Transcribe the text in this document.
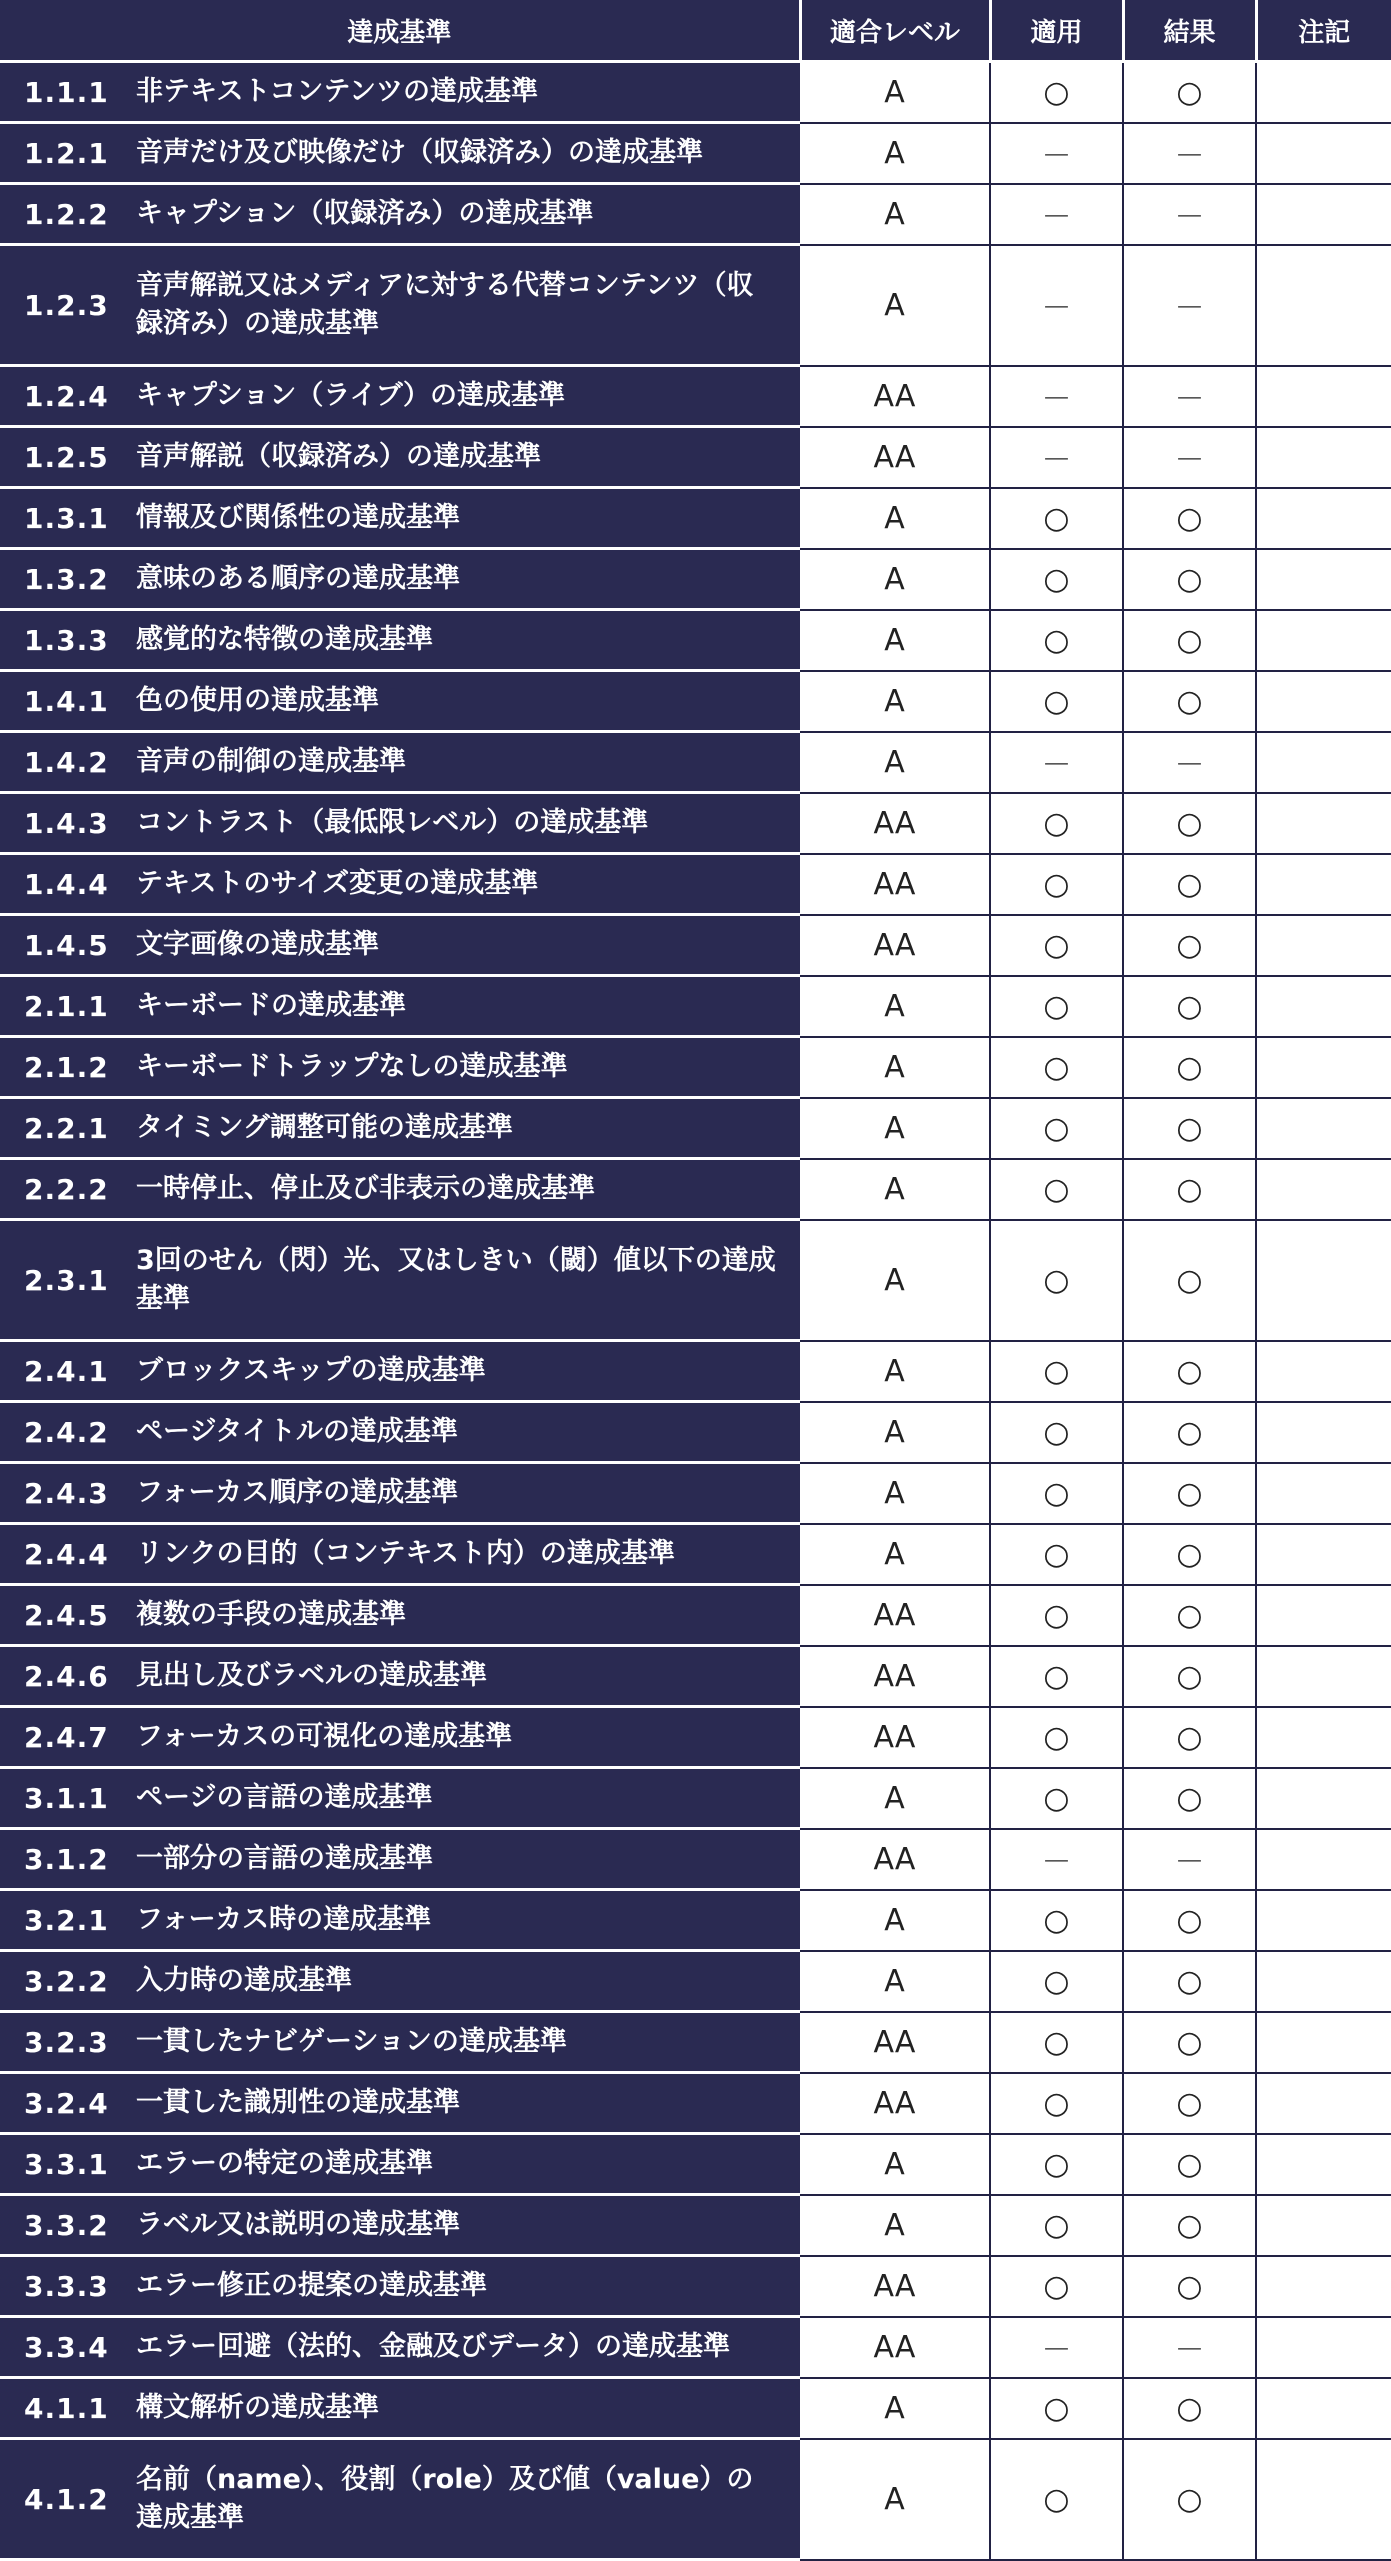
達成基準	適合レベル	適用	結果	注記

1.1.1 非テキストコンテンツの達成基準	A	○	○	

1.2.1 音声だけ及び映像だけ（収録済み）の達成基準	A	－	－	

1.2.2 キャプション（収録済み）の達成基準	A	－	－	

1.2.3
音声解説又はメディアに対する代替コンテンツ（収録済み）の達成基準	A	－	－	

1.2.4 キャプション（ライブ）の達成基準	AA	－	－	

1.2.5 音声解説（収録済み）の達成基準	AA	－	－	

1.3.1 情報及び関係性の達成基準	A	○	○	

1.3.2 意味のある順序の達成基準	A	○	○	

1.3.3 感覚的な特徴の達成基準	A	○	○	

1.4.1 色の使用の達成基準	A	○	○	

1.4.2 音声の制御の達成基準	A	－	－	

1.4.3 コントラスト（最低限レベル）の達成基準	AA	○	○	

1.4.4 テキストのサイズ変更の達成基準	AA	○	○	

1.4.5 文字画像の達成基準	AA	○	○	

2.1.1 キーボードの達成基準	A	○	○	

2.1.2 キーボードトラップなしの達成基準	A	○	○	

2.2.1 タイミング調整可能の達成基準	A	○	○	

2.2.2 一時停止、停止及び非表示の達成基準	A	○	○	

2.3.1
3回のせん（閃）光、又はしきい（閾）値以下の達成基準	A	○	○	

2.4.1 ブロックスキップの達成基準	A	○	○	

2.4.2 ページタイトルの達成基準	A	○	○	

2.4.3 フォーカス順序の達成基準	A	○	○	

2.4.4 リンクの目的（コンテキスト内）の達成基準	A	○	○	

2.4.5 複数の手段の達成基準	AA	○	○	

2.4.6 見出し及びラベルの達成基準	AA	○	○	

2.4.7 フォーカスの可視化の達成基準	AA	○	○	

3.1.1 ページの言語の達成基準	A	○	○	

3.1.2 一部分の言語の達成基準	AA	－	－	

3.2.1 フォーカス時の達成基準	A	○	○	

3.2.2 入力時の達成基準	A	○	○	

3.2.3 一貫したナビゲーションの達成基準	AA	○	○	

3.2.4 一貫した識別性の達成基準	AA	○	○	

3.3.1 エラーの特定の達成基準	A	○	○	

3.3.2 ラベル又は説明の達成基準	A	○	○	

3.3.3 エラー修正の提案の達成基準	AA	○	○	

3.3.4 エラー回避（法的、金融及びデータ）の達成基準	AA	－	－	

4.1.1 構文解析の達成基準	A	○	○	

4.1.2
名前（name）、役割（role）及び値（value）の達成基準	A	○	○	
